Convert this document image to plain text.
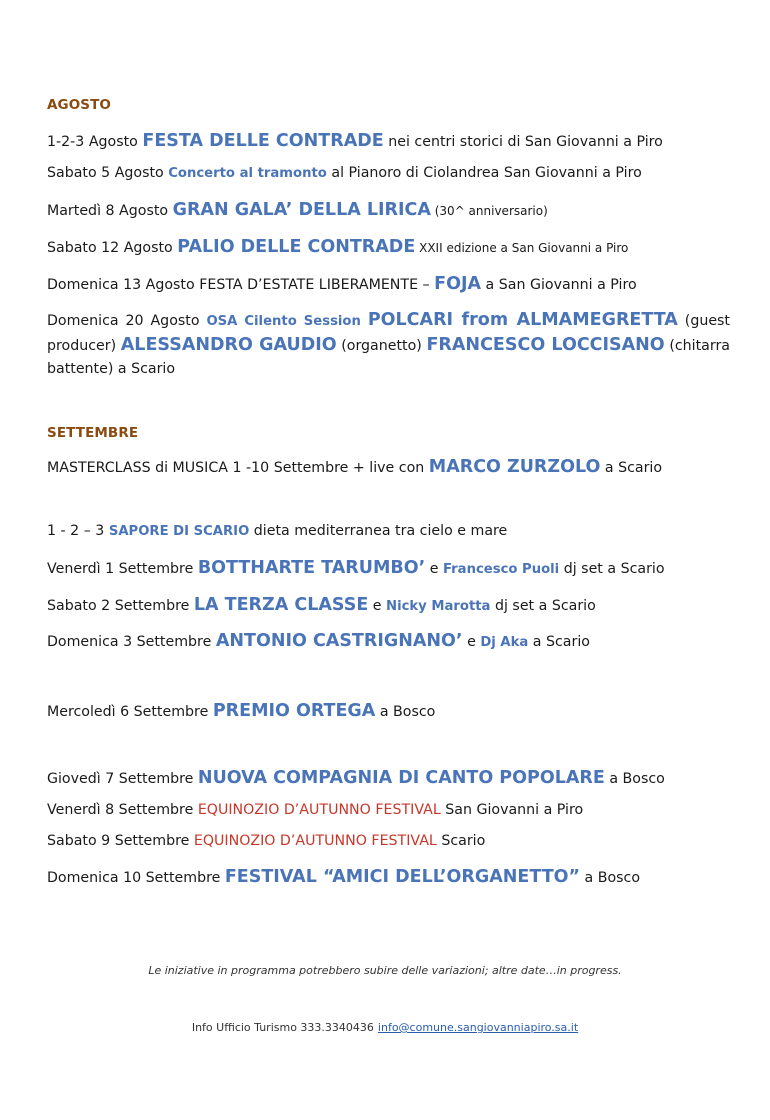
AGOSTO
1-2-3 Agosto FESTA DELLE CONTRADE nei centri storici di San Giovanni a Piro
Sabato 5 Agosto Concerto al tramonto al Pianoro di Ciolandrea San Giovanni a Piro
Martedì 8 Agosto GRAN GALA’ DELLA LIRICA (30^ anniversario)
Sabato 12 Agosto PALIO DELLE CONTRADE XXII edizione a San Giovanni a Piro
Domenica 13 Agosto FESTA D’ESTATE LIBERAMENTE – FOJA a San Giovanni a Piro
Domenica 20 Agosto OSA Cilento Session POLCARI from ALMAMEGRETTA (guest producer) ALESSANDRO GAUDIO (organetto) FRANCESCO LOCCISANO (chitarra battente) a Scario
SETTEMBRE
MASTERCLASS di MUSICA 1 -10 Settembre + live con MARCO ZURZOLO a Scario
1 - 2 – 3 SAPORE DI SCARIO dieta mediterranea tra cielo e mare
Venerdì 1 Settembre BOTTHARTE TARUMBO’ e Francesco Puoli dj set a Scario
Sabato 2 Settembre LA TERZA CLASSE e Nicky Marotta dj set a Scario
Domenica 3 Settembre ANTONIO CASTRIGNANO’ e Dj Aka a Scario
Mercoledì 6 Settembre PREMIO ORTEGA a Bosco
Giovedì 7 Settembre NUOVA COMPAGNIA DI CANTO POPOLARE a Bosco
Venerdì 8 Settembre EQUINOZIO D’AUTUNNO FESTIVAL San Giovanni a Piro
Sabato 9 Settembre EQUINOZIO D’AUTUNNO FESTIVAL Scario
Domenica 10 Settembre FESTIVAL “AMICI DELL’ORGANETTO” a Bosco
Le iniziative in programma potrebbero subire delle variazioni; altre date…in progress.
Info Ufficio Turismo 333.3340436 info@comune.sangiovanniapiro.sa.it
